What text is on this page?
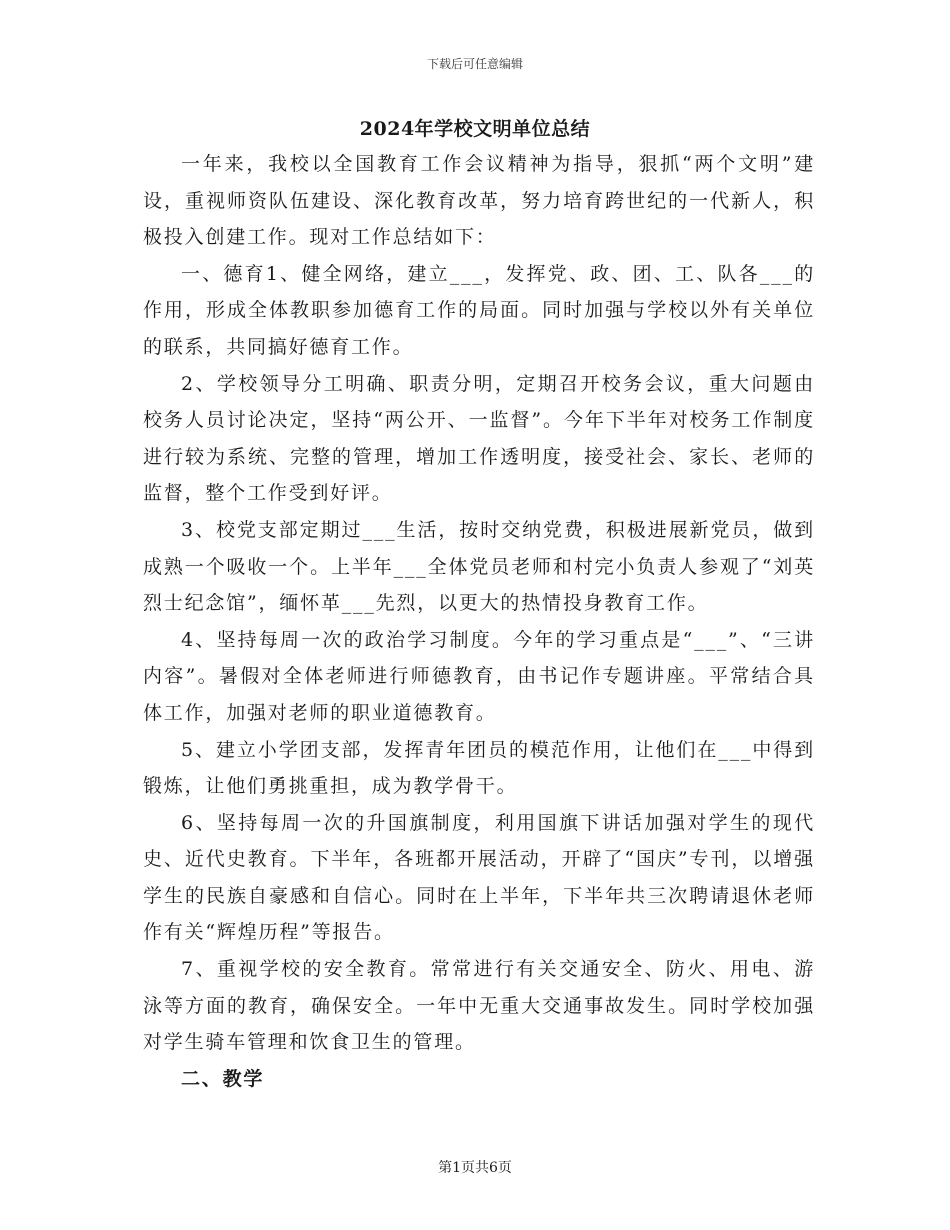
下载后可任意编辑
2024年学校文明单位总结

一年来，我校以全国教育工作会议精神为指导，狠抓“两个文明”建设，重视师资队伍建设、深化教育改革，努力培育跨世纪的一代新人，积极投入创建工作。现对工作总结如下：

一、德育1、健全网络，建立___，发挥党、政、团、工、队各___的作用，形成全体教职参加德育工作的局面。同时加强与学校以外有关单位的联系，共同搞好德育工作。

2、学校领导分工明确、职责分明，定期召开校务会议，重大问题由校务人员讨论决定，坚持“两公开、一监督”。今年下半年对校务工作制度进行较为系统、完整的管理，增加工作透明度，接受社会、家长、老师的监督，整个工作受到好评。

3、校党支部定期过___生活，按时交纳党费，积极进展新党员，做到成熟一个吸收一个。上半年___全体党员老师和村完小负责人参观了“刘英烈士纪念馆”，缅怀革___先烈，以更大的热情投身教育工作。

4、坚持每周一次的政治学习制度。今年的学习重点是“___”、“三讲内容”。暑假对全体老师进行师德教育，由书记作专题讲座。平常结合具体工作，加强对老师的职业道德教育。

5、建立小学团支部，发挥青年团员的模范作用，让他们在___中得到锻炼，让他们勇挑重担，成为教学骨干。

6、坚持每周一次的升国旗制度，利用国旗下讲话加强对学生的现代史、近代史教育。下半年，各班都开展活动，开辟了“国庆”专刊，以增强学生的民族自豪感和自信心。同时在上半年，下半年共三次聘请退休老师作有关“辉煌历程”等报告。

7、重视学校的安全教育。常常进行有关交通安全、防火、用电、游泳等方面的教育，确保安全。一年中无重大交通事故发生。同时学校加强对学生骑车管理和饮食卫生的管理。

二、教学

第1页共6页
